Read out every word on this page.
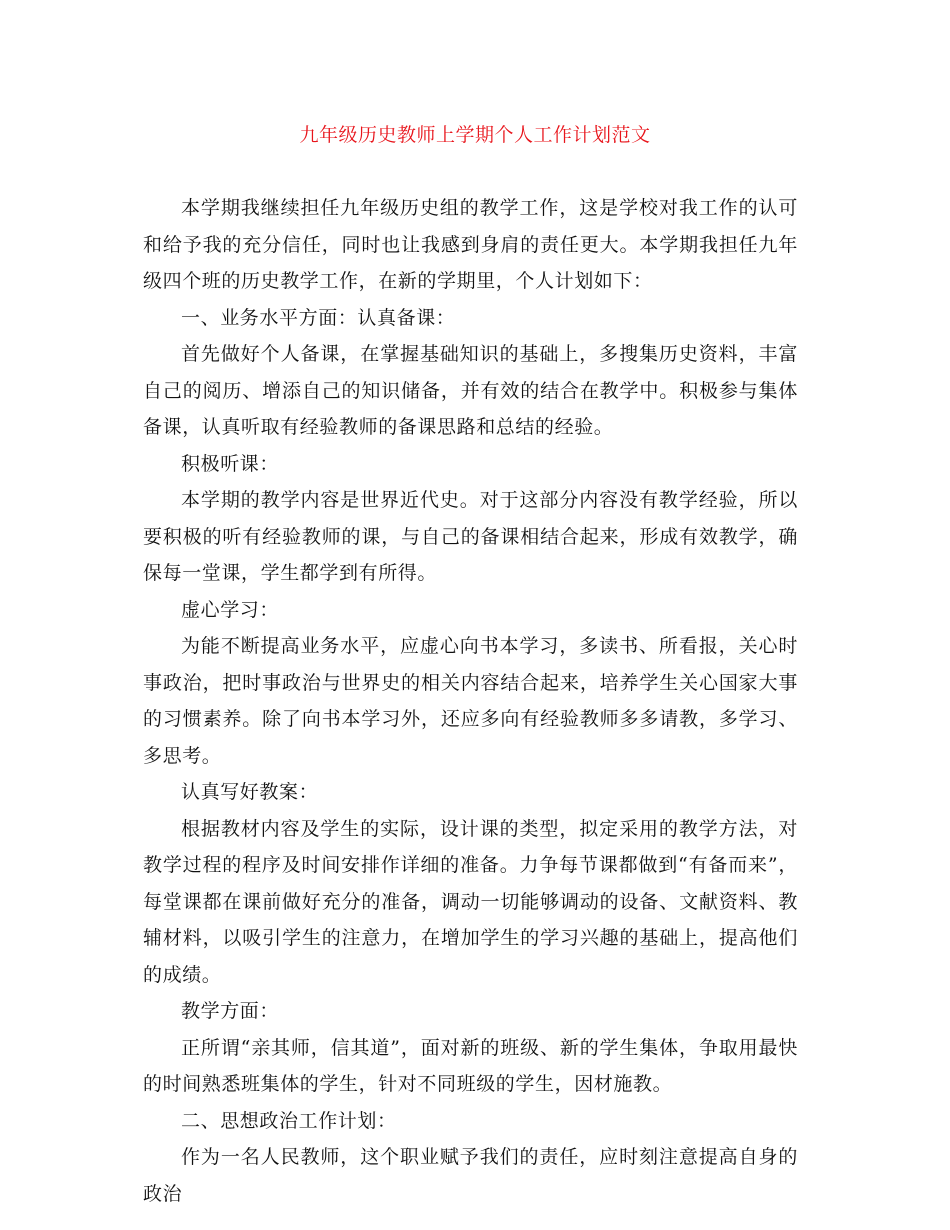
九年级历史教师上学期个人工作计划范文

本学期我继续担任九年级历史组的教学工作，这是学校对我工作的认可和给予我的充分信任，同时也让我感到身肩的责任更大。本学期我担任九年级四个班的历史教学工作，在新的学期里，个人计划如下：

一、业务水平方面：认真备课：

首先做好个人备课，在掌握基础知识的基础上，多搜集历史资料，丰富自己的阅历、增添自己的知识储备，并有效的结合在教学中。积极参与集体备课，认真听取有经验教师的备课思路和总结的经验。

积极听课：

本学期的教学内容是世界近代史。对于这部分内容没有教学经验，所以要积极的听有经验教师的课，与自己的备课相结合起来，形成有效教学，确保每一堂课，学生都学到有所得。

虚心学习：

为能不断提高业务水平，应虚心向书本学习，多读书、所看报，关心时事政治，把时事政治与世界史的相关内容结合起来，培养学生关心国家大事的习惯素养。除了向书本学习外，还应多向有经验教师多多请教，多学习、多思考。

认真写好教案：

根据教材内容及学生的实际，设计课的类型，拟定采用的教学方法，对教学过程的程序及时间安排作详细的准备。力争每节课都做到“有备而来”，每堂课都在课前做好充分的准备，调动一切能够调动的设备、文献资料、教辅材料，以吸引学生的注意力，在增加学生的学习兴趣的基础上，提高他们的成绩。

教学方面：

正所谓“亲其师，信其道”，面对新的班级、新的学生集体，争取用最快的时间熟悉班集体的学生，针对不同班级的学生，因材施教。

二、思想政治工作计划：

作为一名人民教师，这个职业赋予我们的责任，应时刻注意提高自身的政治
